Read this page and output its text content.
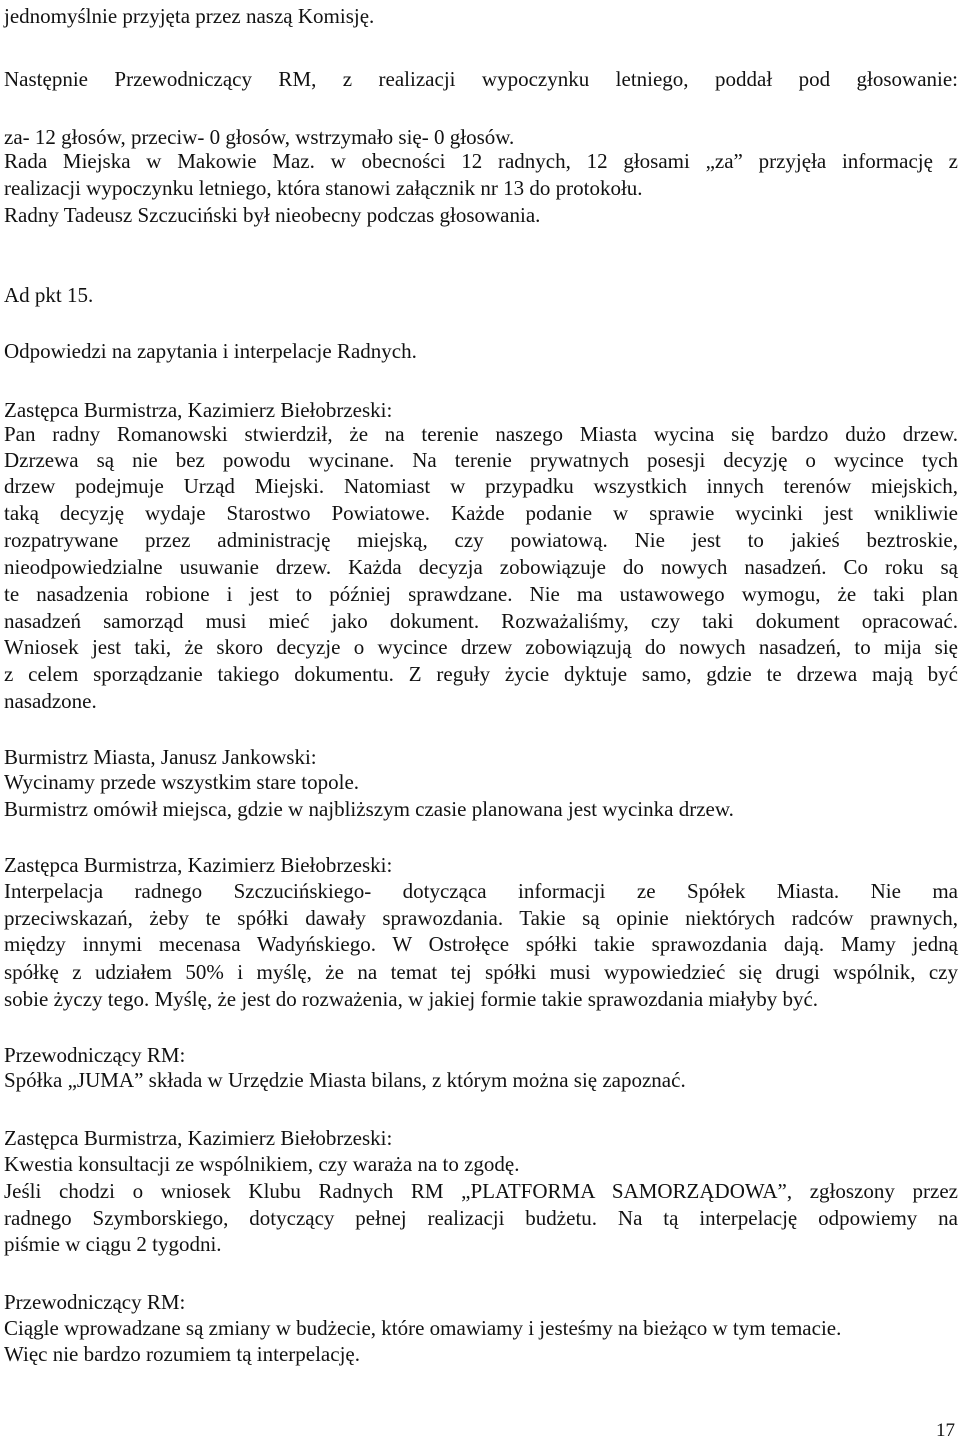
jednomyślnie przyjęta przez naszą Komisję.
Następnie Przewodniczący RM, z realizacji wypoczynku letniego, poddał pod głosowanie:
za- 12 głosów, przeciw- 0 głosów, wstrzymało się- 0 głosów.
Rada Miejska w Makowie Maz. w obecności 12 radnych, 12 głosami „za” przyjęła informację z
realizacji wypoczynku letniego, która stanowi załącznik nr 13 do protokołu.
Radny Tadeusz Szczuciński był nieobecny podczas głosowania.
Ad pkt 15.
Odpowiedzi na zapytania i interpelacje Radnych.
Zastępca Burmistrza, Kazimierz Biełobrzeski:
Pan radny Romanowski stwierdził, że na terenie naszego Miasta wycina się bardzo dużo drzew.
Dzrzewa są nie bez powodu wycinane. Na terenie prywatnych posesji decyzję o wycince tych
drzew podejmuje Urząd Miejski. Natomiast w przypadku wszystkich innych terenów miejskich,
taką decyzję wydaje Starostwo Powiatowe. Każde podanie w sprawie wycinki jest wnikliwie
rozpatrywane przez administrację miejską, czy powiatową. Nie jest to jakieś beztroskie,
nieodpowiedzialne usuwanie drzew. Każda decyzja zobowiązuje do nowych nasadzeń. Co roku są
te nasadzenia robione i jest to później sprawdzane. Nie ma ustawowego wymogu, że taki plan
nasadzeń samorząd musi mieć jako dokument. Rozważaliśmy, czy taki dokument opracować.
Wniosek jest taki, że skoro decyzje o wycince drzew zobowiązują do nowych nasadzeń, to mija się
z celem sporządzanie takiego dokumentu. Z reguły życie dyktuje samo, gdzie te drzewa mają być
nasadzone.
Burmistrz Miasta, Janusz Jankowski:
Wycinamy przede wszystkim stare topole.
Burmistrz omówił miejsca, gdzie w najbliższym czasie planowana jest wycinka drzew.
Zastępca Burmistrza, Kazimierz Biełobrzeski:
Interpelacja radnego Szczucińskiego- dotycząca informacji ze Spółek Miasta. Nie ma
przeciwskazań, żeby te spółki dawały sprawozdania. Takie są opinie niektórych radców prawnych,
między innymi mecenasa Wadyńskiego. W Ostrołęce spółki takie sprawozdania dają. Mamy jedną
spółkę z udziałem 50% i myślę, że na temat tej spółki musi wypowiedzieć się drugi wspólnik, czy
sobie życzy tego. Myślę, że jest do rozważenia, w jakiej formie takie sprawozdania miałyby być.
Przewodniczący RM:
Spółka „JUMA” składa w Urzędzie Miasta bilans, z którym można się zapoznać.
Zastępca Burmistrza, Kazimierz Biełobrzeski:
Kwestia konsultacji ze wspólnikiem, czy waraża na to zgodę.
Jeśli chodzi o wniosek Klubu Radnych RM „PLATFORMA SAMORZĄDOWA”, zgłoszony przez
radnego Szymborskiego, dotyczący pełnej realizacji budżetu. Na tą interpelację odpowiemy na
piśmie w ciągu 2 tygodni.
Przewodniczący RM:
Ciągle wprowadzane są zmiany w budżecie, które omawiamy i jesteśmy na bieżąco w tym temacie.
Więc nie bardzo rozumiem tą interpelację.
17
